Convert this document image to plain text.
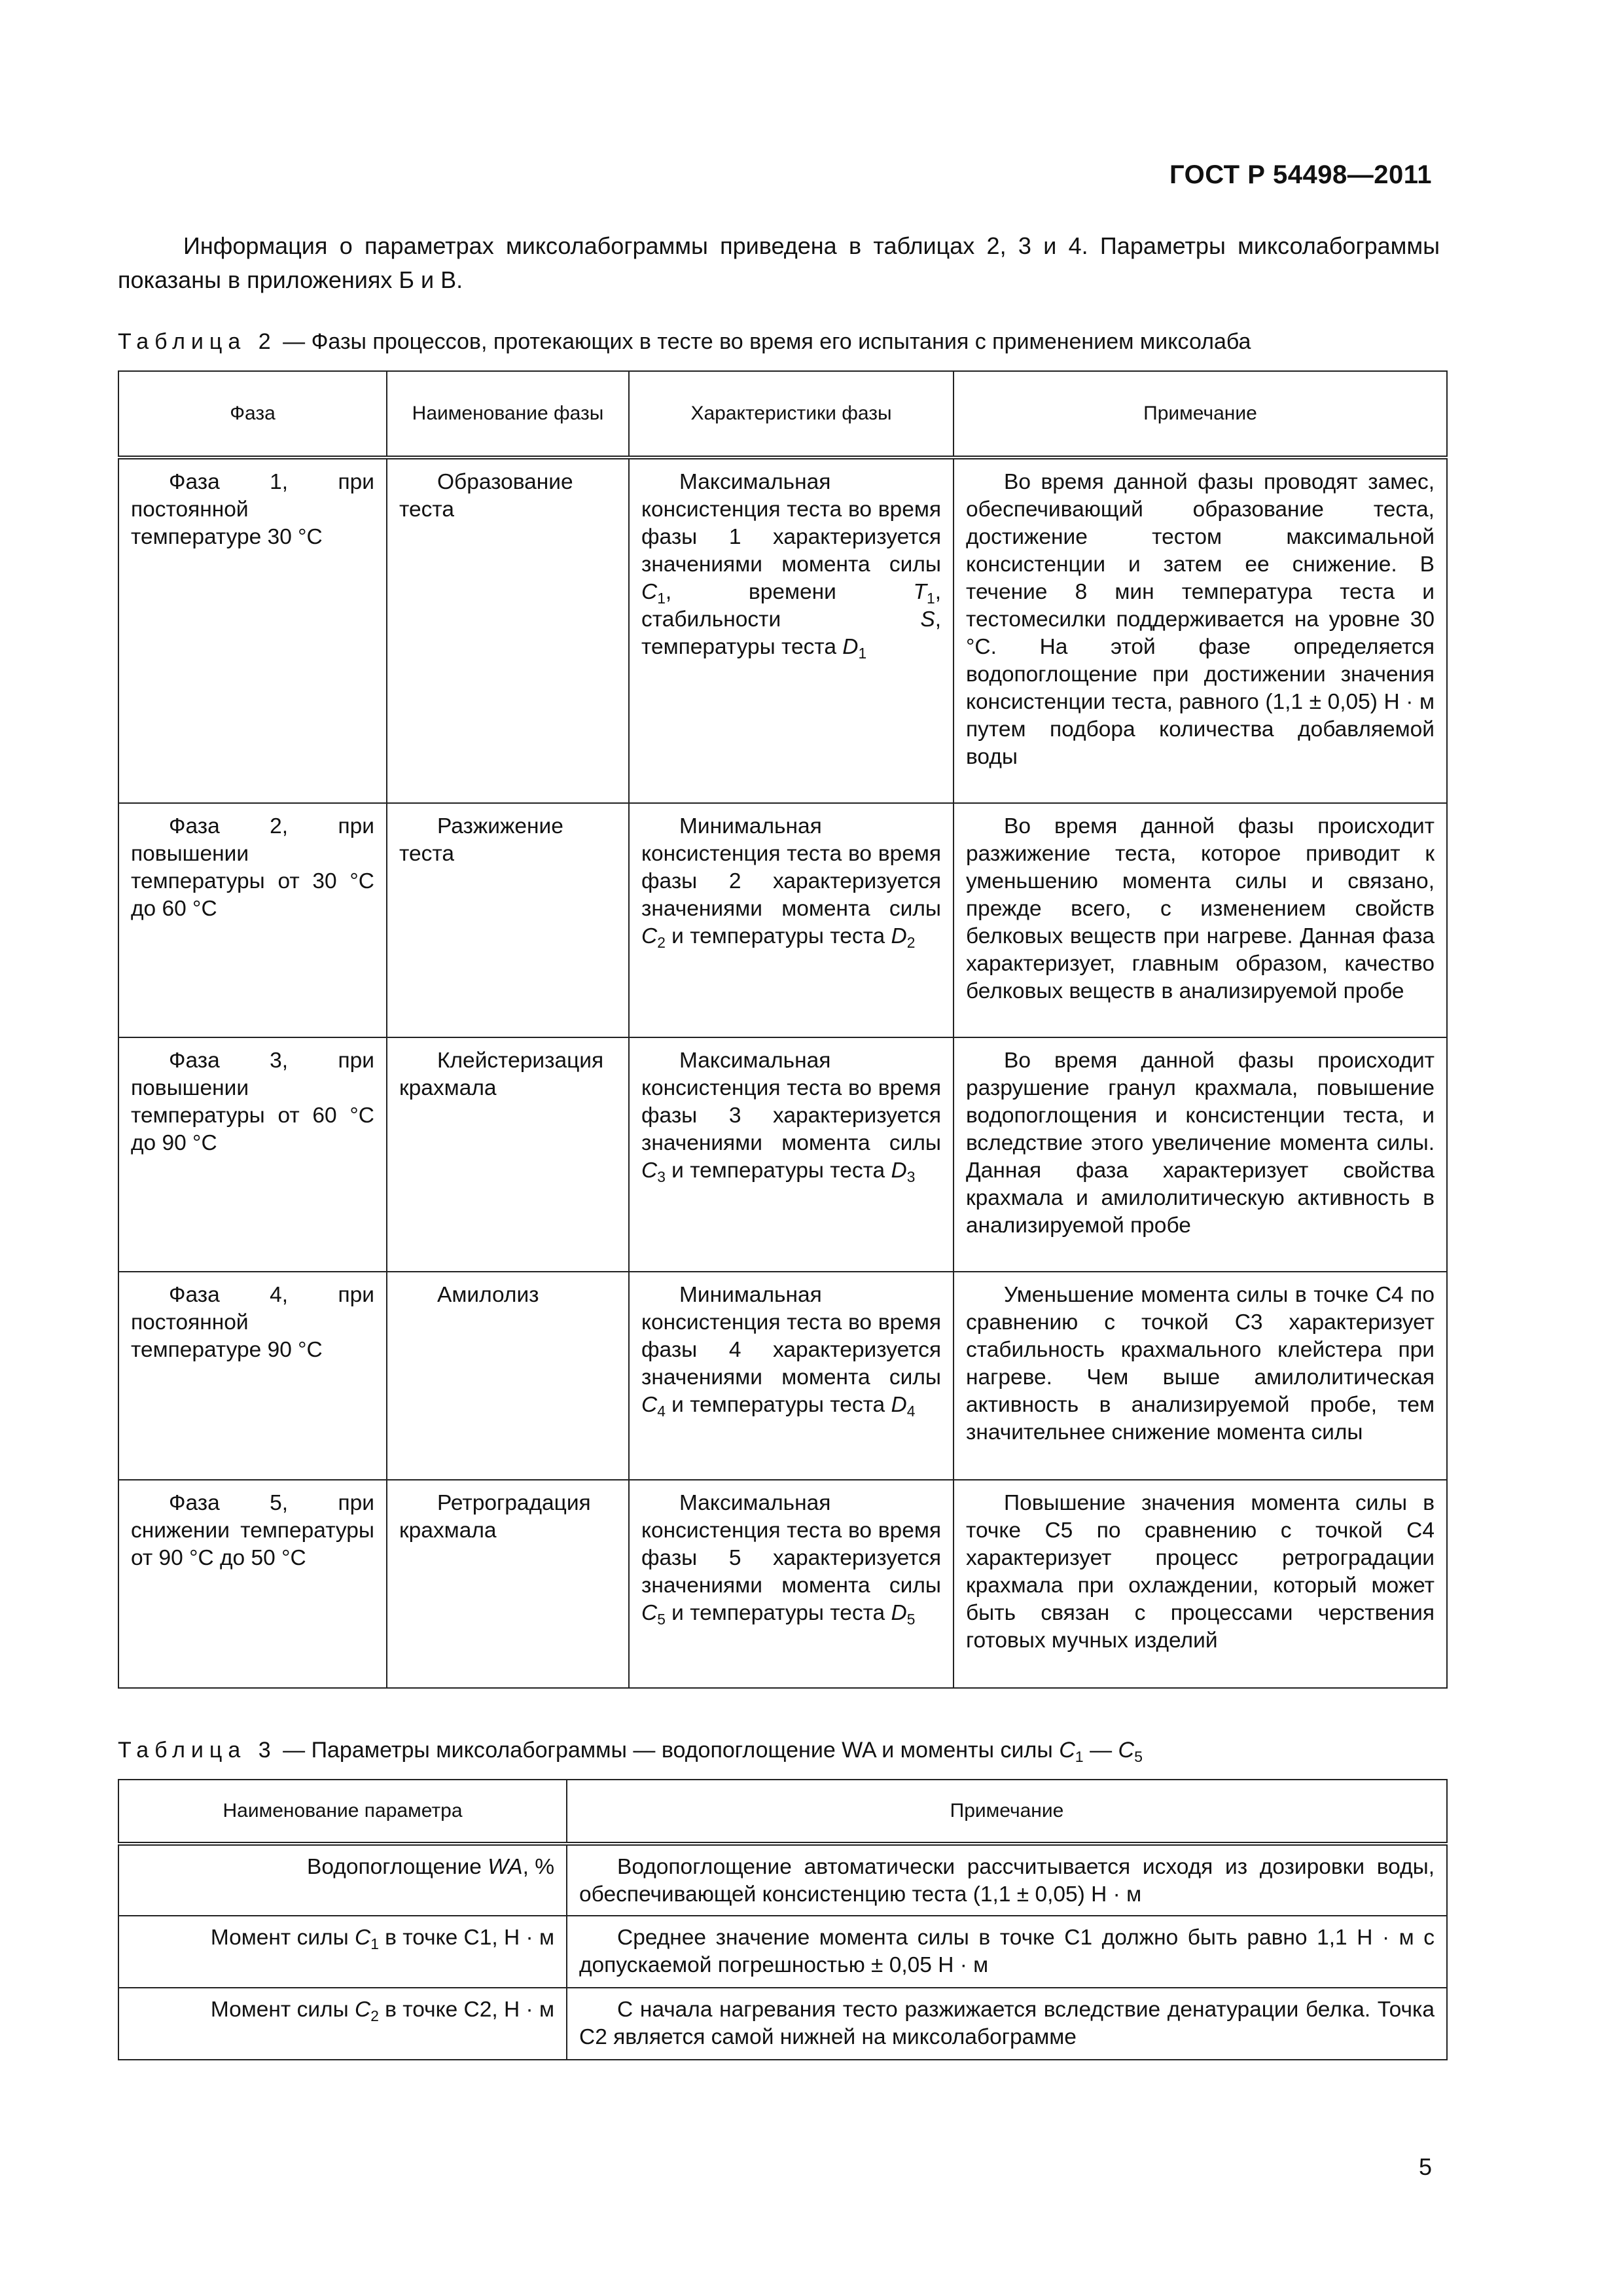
ГОСТ Р 54498—2011

Информация о параметрах миксолабограммы приведена в таблицах 2, 3 и 4. Параметры миксолабограммы показаны в приложениях Б и В.

Таблица 2 — Фазы процессов, протекающих в тесте во время его испытания с применением миксолаба
Фаза	Наименование фазы	Характеристики фазы	Примечание

Фаза 1, при постоянной температуре 30 °С	Образование теста	Максимальная консистенция теста во время фазы 1 характеризуется значениями момента силы $C_1$, времени $T_1$, стабильности S, температуры теста $D_1$	Во время данной фазы проводят замес, обеспечивающий образование теста, достижение тестом максимальной консистенции и затем ее снижение. В течение 8 мин температура теста и тестомесилки поддерживается на уровне 30 °С. На этой фазе определяется водопоглощение при достижении значения консистенции теста, равного (1,1 ± 0,05) Н · м путем подбора количества добавляемой воды

Фаза 2, при повышении температуры от 30 °С до 60 °С	Разжижение теста	Минимальная консистенция теста во время фазы 2 характеризуется значениями момента силы $C_2$ и температуры теста $D_2$	Во время данной фазы происходит разжижение теста, которое приводит к уменьшению момента силы и связано, прежде всего, с изменением свойств белковых веществ при нагреве. Данная фаза характеризует, главным образом, качество белковых веществ в анализируемой пробе

Фаза 3, при повышении температуры от 60 °С до 90 °С	Клейстеризация крахмала	Максимальная консистенция теста во время фазы 3 характеризуется значениями момента силы $C_3$ и температуры теста $D_3$	Во время данной фазы происходит разрушение гранул крахмала, повышение водопоглощения и консистенции теста, и вследствие этого увеличение момента силы. Данная фаза характеризует свойства крахмала и амилолитическую активность в анализируемой пробе

Фаза 4, при постоянной температуре 90 °С	Амилолиз	Минимальная консистенция теста во время фазы 4 характеризуется значениями момента силы $C_4$ и температуры теста $D_4$	Уменьшение момента силы в точке С4 по сравнению с точкой С3 характеризует стабильность крахмального клейстера при нагреве. Чем выше амилолитическая активность в анализируемой пробе, тем значительнее снижение момента силы

Фаза 5, при снижении температуры от 90 °С до 50 °С	Ретроградация крахмала	Максимальная консистенция теста во время фазы 5 характеризуется значениями момента силы $C_5$ и температуры теста $D_5$	Повышение значения момента силы в точке С5 по сравнению с точкой С4 характеризует процесс ретроградации крахмала при охлаждении, который может быть связан с процессами черствения готовых мучных изделий

Таблица 3 — Параметры миксолабограммы — водопоглощение WA и моменты силы $C_1$ — $C_5$
Наименование параметра	Примечание

Водопоглощение WA, %	Водопоглощение автоматически рассчитывается исходя из дозировки воды, обеспечивающей консистенцию теста (1,1 ± 0,05) Н · м

Момент силы $C_1$ в точке С1, Н · м	Среднее значение момента силы в точке С1 должно быть равно 1,1 Н · м с допускаемой погрешностью ± 0,05 Н · м

Момент силы $C_2$ в точке С2, Н · м	С начала нагревания тесто разжижается вследствие денатурации белка. Точка С2 является самой нижней на миксолабограмме

5
